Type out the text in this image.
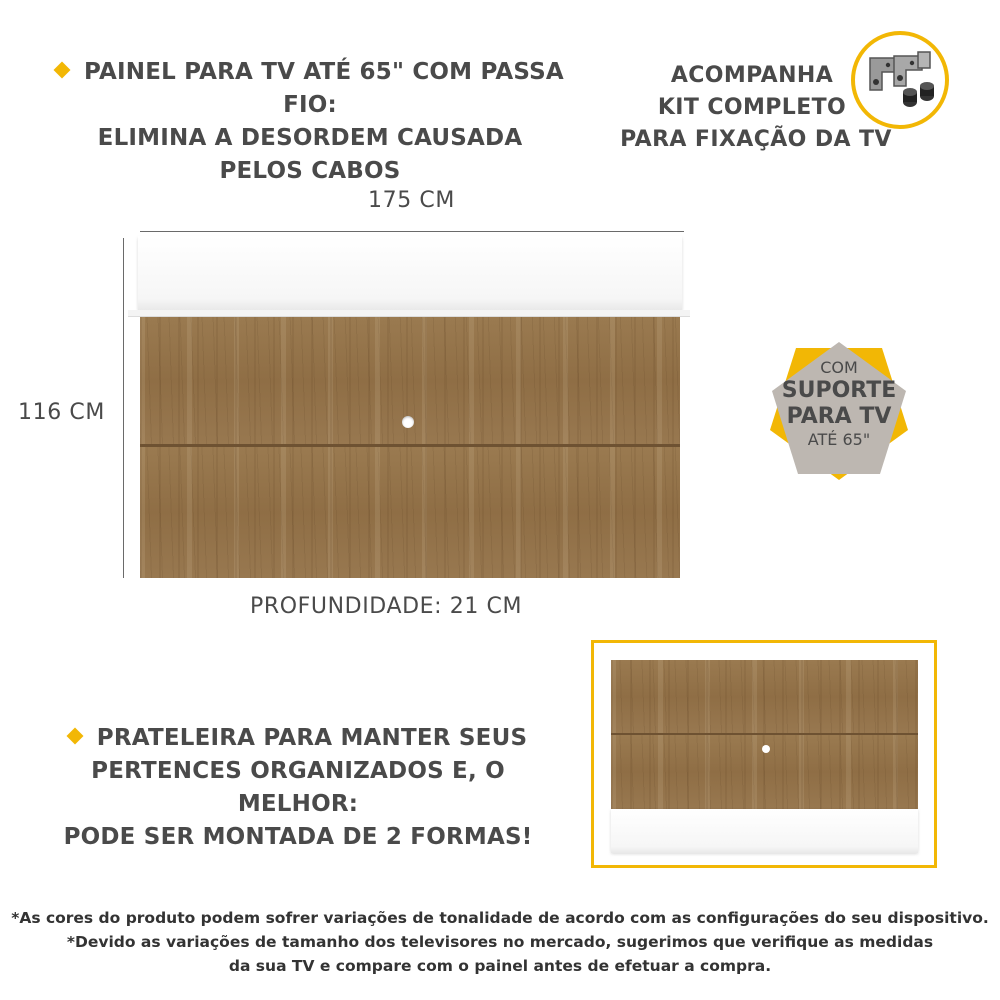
PAINEL PARA TV ATÉ 65" COM PASSA FIO:
ELIMINA A DESORDEM CAUSADA
PELOS CABOS
ACOMPANHA
KIT COMPLETO
PARA FIXAÇÃO DA TV
175 CM
116 CM
PROFUNDIDADE: 21 CM
COM
SUPORTE
PARA TV
ATÉ 65"
PRATELEIRA PARA MANTER SEUS
PERTENCES ORGANIZADOS E, O MELHOR:
PODE SER MONTADA DE 2 FORMAS!
*As cores do produto podem sofrer variações de tonalidade de acordo com as configurações do seu dispositivo.
*Devido as variações de tamanho dos televisores no mercado, sugerimos que verifique as medidas
da sua TV e compare com o painel antes de efetuar a compra.
